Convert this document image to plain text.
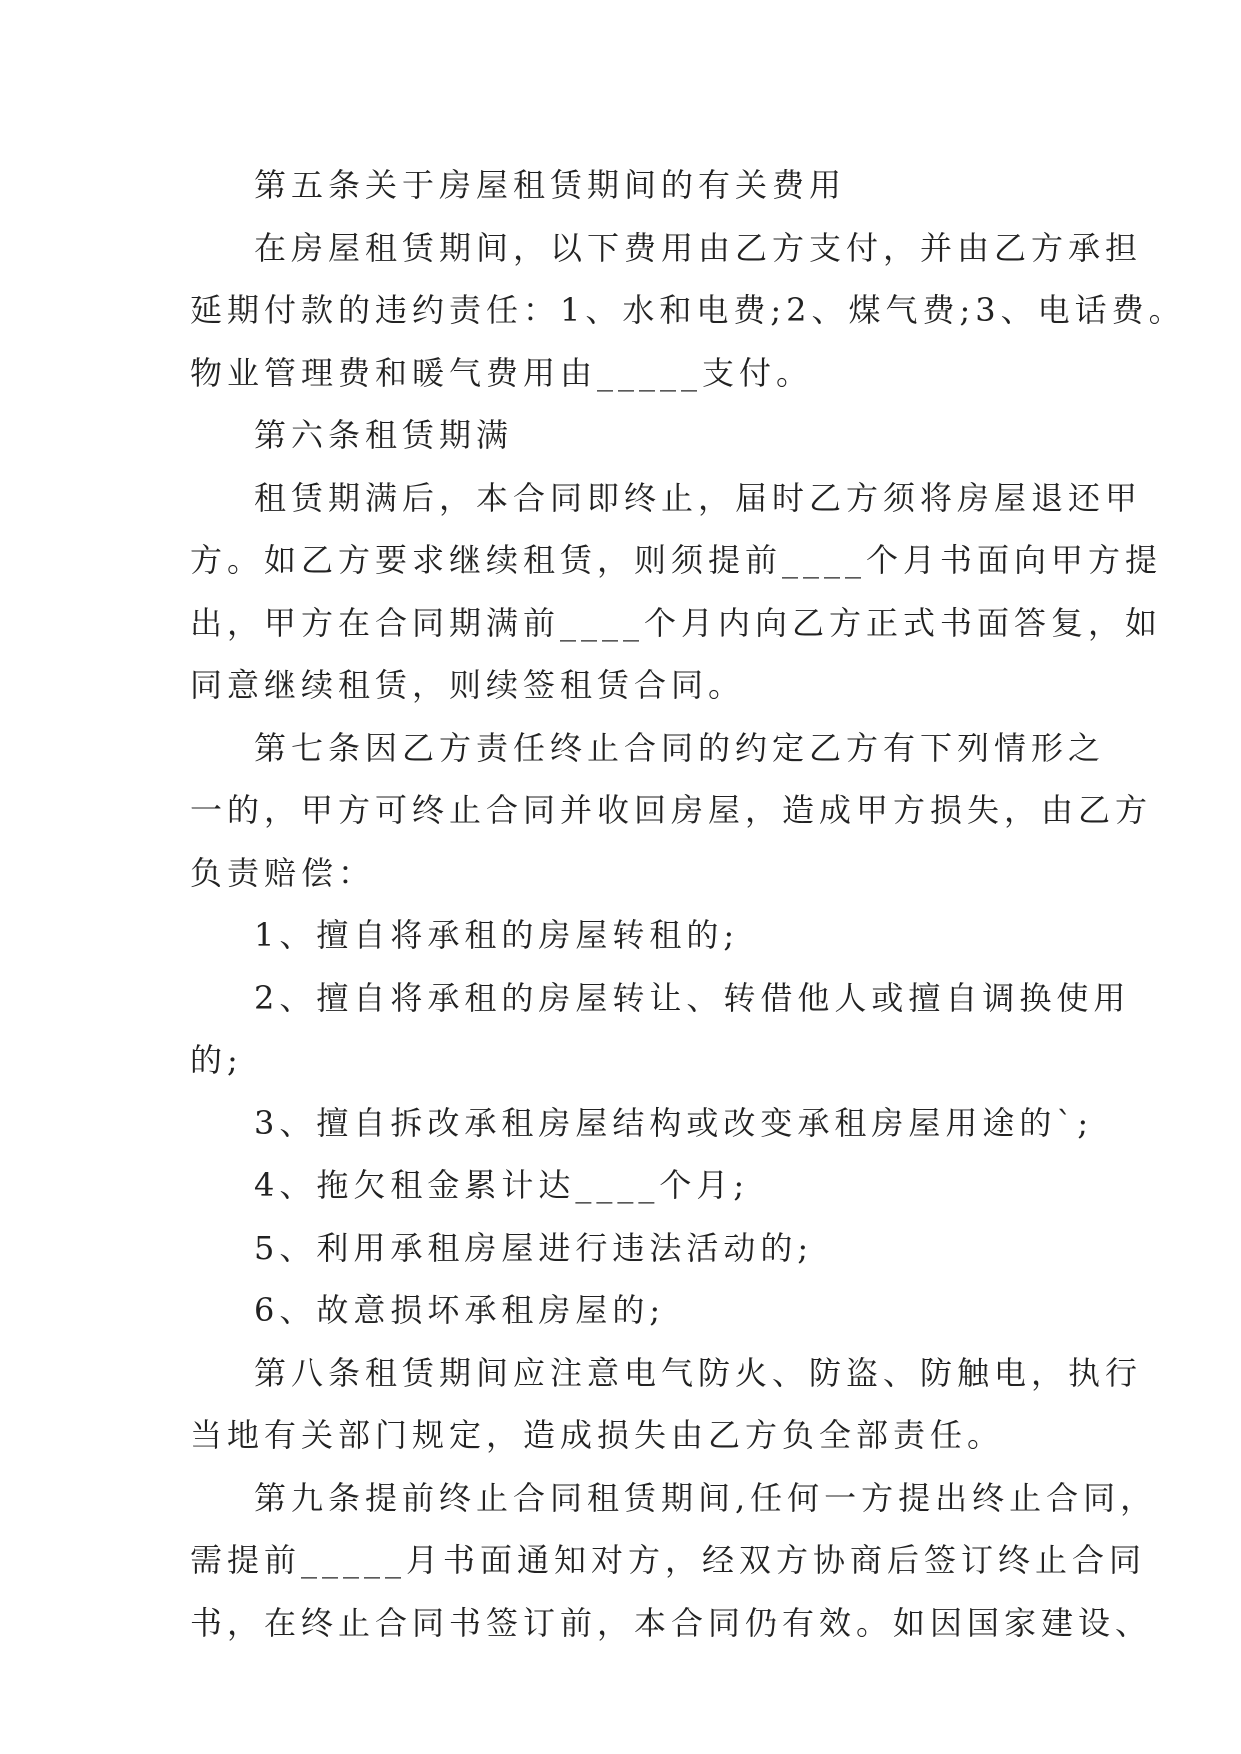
第五条关于房屋租赁期间的有关费用
在房屋租赁期间，以下费用由乙方支付，并由乙方承担
延期付款的违约责任：1、水和电费;2、煤气费;3、电话费。
物业管理费和暖气费用由_____支付。
第六条租赁期满
租赁期满后，本合同即终止，届时乙方须将房屋退还甲
方。如乙方要求继续租赁，则须提前____个月书面向甲方提
出，甲方在合同期满前____个月内向乙方正式书面答复，如
同意继续租赁，则续签租赁合同。
第七条因乙方责任终止合同的约定乙方有下列情形之
一的，甲方可终止合同并收回房屋，造成甲方损失，由乙方
负责赔偿：
1、擅自将承租的房屋转租的;
2、擅自将承租的房屋转让、转借他人或擅自调换使用
的;
3、擅自拆改承租房屋结构或改变承租房屋用途的`;
4、拖欠租金累计达____个月;
5、利用承租房屋进行违法活动的;
6、故意损坏承租房屋的;
第八条租赁期间应注意电气防火、防盗、防触电，执行
当地有关部门规定，造成损失由乙方负全部责任。
第九条提前终止合同租赁期间,任何一方提出终止合同，
需提前_____月书面通知对方，经双方协商后签订终止合同
书，在终止合同书签订前，本合同仍有效。如因国家建设、
